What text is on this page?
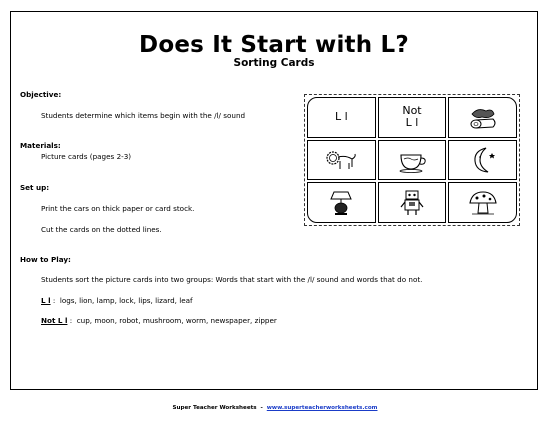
Does It Start with L?
Sorting Cards
Objective:
Students determine which items begin with the /l/ sound
Materials:
Picture cards (pages 2-3)
Set up:
Print the cars on thick paper or card stock.
Cut the cards on the dotted lines.
How to Play:
Students sort the picture cards into two groups: Words that start with the /l/ sound and words that do not.
L l :  logs, lion, lamp, lock, lips, lizard, leaf
Not L l :  cup, moon, robot, mushroom, worm, newspaper, zipper
L l	Not
L l
Super Teacher Worksheets  -  www.superteacherworksheets.com
